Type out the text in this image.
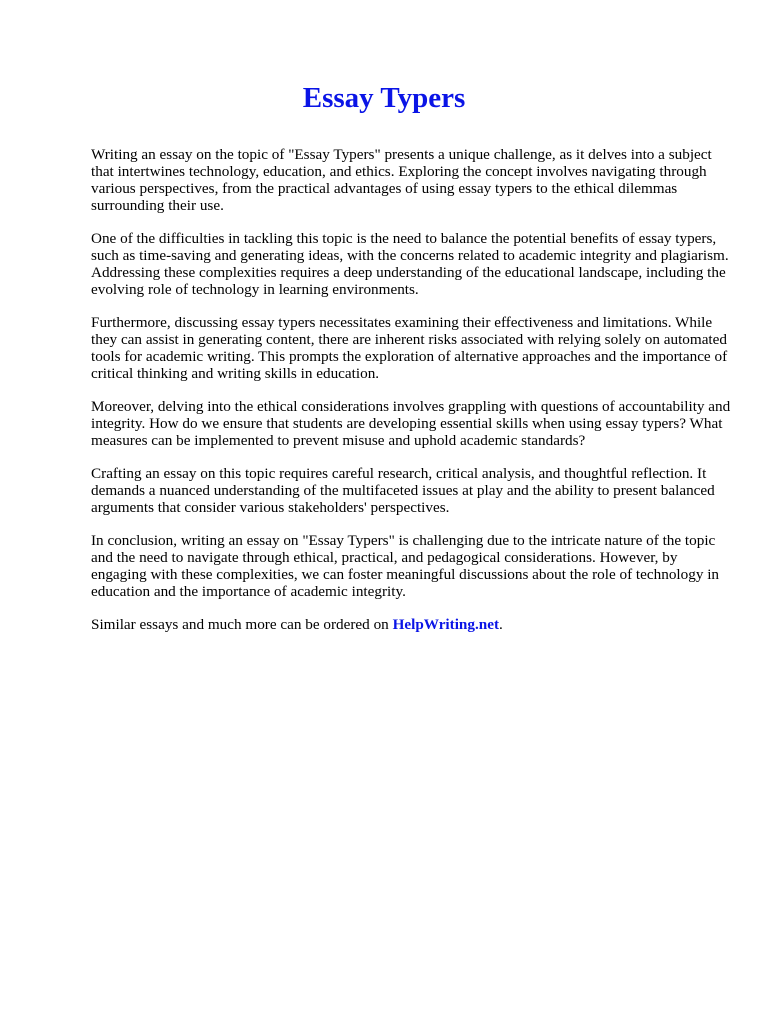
Essay Typers

Writing an essay on the topic of "Essay Typers" presents a unique challenge, as it delves into a subject that intertwines technology, education, and ethics. Exploring the concept involves navigating through various perspectives, from the practical advantages of using essay typers to the ethical dilemmas surrounding their use.

One of the difficulties in tackling this topic is the need to balance the potential benefits of essay typers, such as time-saving and generating ideas, with the concerns related to academic integrity and plagiarism. Addressing these complexities requires a deep understanding of the educational landscape, including the evolving role of technology in learning environments.

Furthermore, discussing essay typers necessitates examining their effectiveness and limitations. While they can assist in generating content, there are inherent risks associated with relying solely on automated tools for academic writing. This prompts the exploration of alternative approaches and the importance of critical thinking and writing skills in education.

Moreover, delving into the ethical considerations involves grappling with questions of accountability and integrity. How do we ensure that students are developing essential skills when using essay typers? What measures can be implemented to prevent misuse and uphold academic standards?

Crafting an essay on this topic requires careful research, critical analysis, and thoughtful reflection. It demands a nuanced understanding of the multifaceted issues at play and the ability to present balanced arguments that consider various stakeholders' perspectives.

In conclusion, writing an essay on "Essay Typers" is challenging due to the intricate nature of the topic and the need to navigate through ethical, practical, and pedagogical considerations. However, by engaging with these complexities, we can foster meaningful discussions about the role of technology in education and the importance of academic integrity.

Similar essays and much more can be ordered on HelpWriting.net.
